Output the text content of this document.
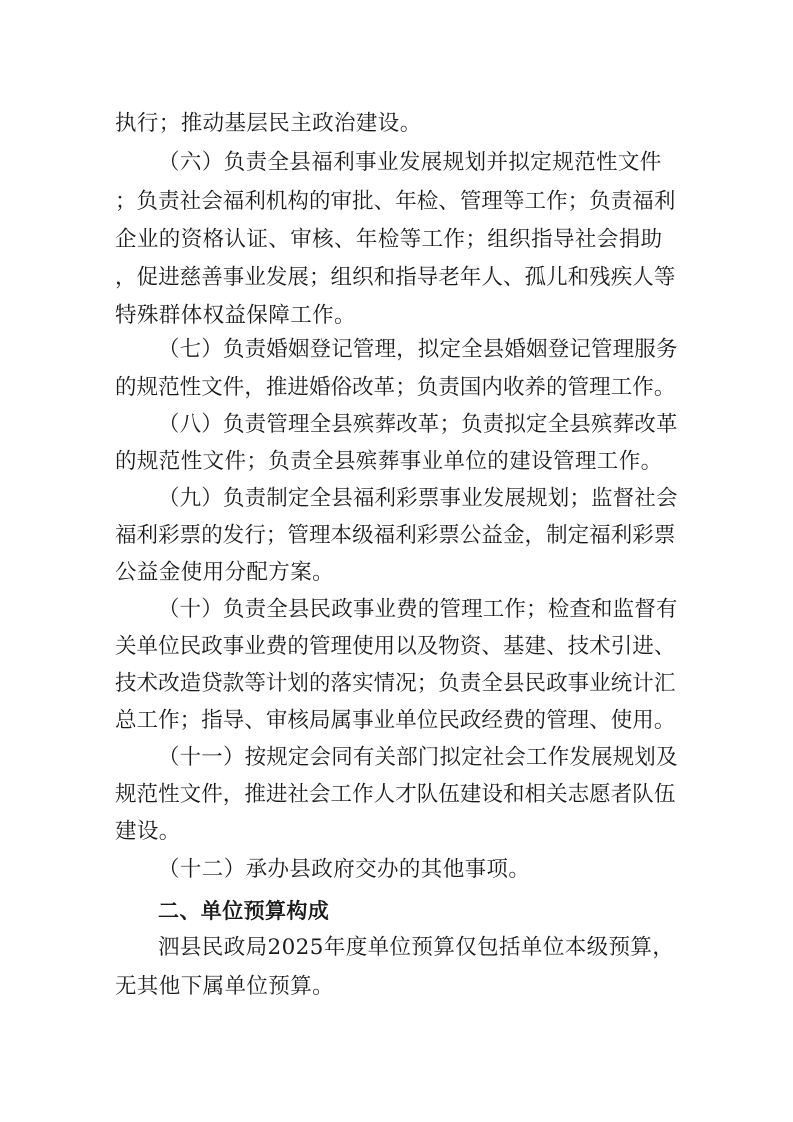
执行；推动基层民主政治建设。
（六）负责全县福利事业发展规划并拟定规范性文件
；负责社会福利机构的审批、年检、管理等工作；负责福利
企业的资格认证、审核、年检等工作；组织指导社会捐助
，促进慈善事业发展；组织和指导老年人、孤儿和残疾人等
特殊群体权益保障工作。
（七）负责婚姻登记管理，拟定全县婚姻登记管理服务
的规范性文件，推进婚俗改革；负责国内收养的管理工作。
（八）负责管理全县殡葬改革；负责拟定全县殡葬改革
的规范性文件；负责全县殡葬事业单位的建设管理工作。
（九）负责制定全县福利彩票事业发展规划；监督社会
福利彩票的发行；管理本级福利彩票公益金，制定福利彩票
公益金使用分配方案。
（十）负责全县民政事业费的管理工作；检查和监督有
关单位民政事业费的管理使用以及物资、基建、技术引进、
技术改造贷款等计划的落实情况；负责全县民政事业统计汇
总工作；指导、审核局属事业单位民政经费的管理、使用。
（十一）按规定会同有关部门拟定社会工作发展规划及
规范性文件，推进社会工作人才队伍建设和相关志愿者队伍
建设。
（十二）承办县政府交办的其他事项。
二、单位预算构成
泗县民政局2025年度单位预算仅包括单位本级预算，
无其他下属单位预算。
